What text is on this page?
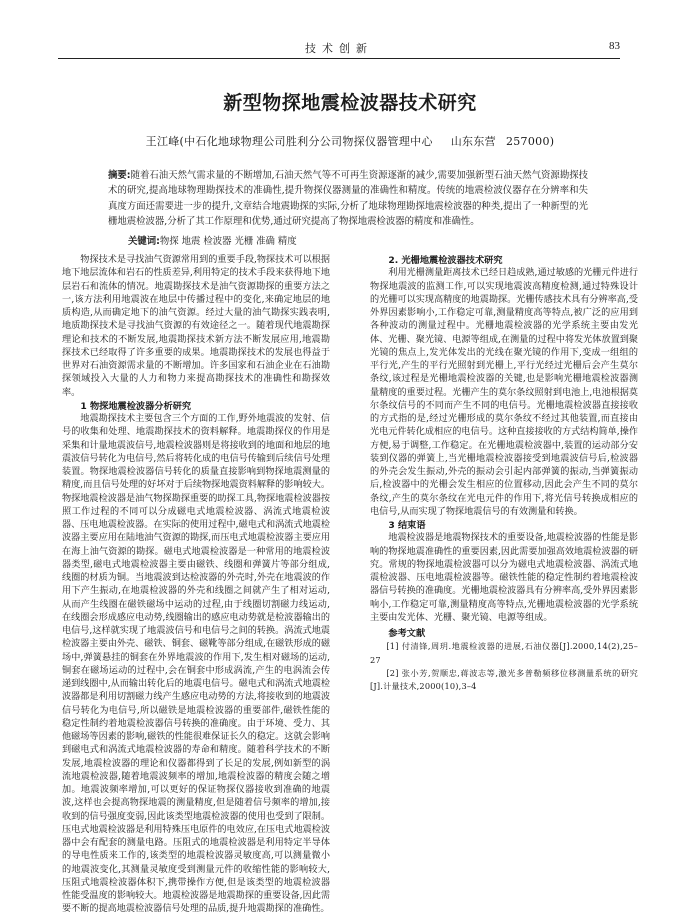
技术创新	83
新型物探地震检波器技术研究
王江峰(中石化地球物理公司胜利分公司物探仪器管理中心 山东东营 257000)
摘要:随着石油天然气需求量的不断增加,石油天然气等不可再生资源逐渐的减少,需要加强新型石油天然气资源勘探技术的研究,提高地球物理勘探技术的准确性,提升物探仪器测量的准确性和精度。传统的地震检波仪器存在分辨率和失真度方面还需要进一步的提升,文章结合地震勘探的实际,分析了地球物理勘探地震检波器的种类,提出了一种新型的光栅地震检波器,分析了其工作原理和优势,通过研究提高了物探地震检波器的精度和准确性。
关键词:物探 地震 检波器 光栅 准确 精度

物探技术是寻找油气资源常用到的重要手段,物探技术可以根据地下地层流体和岩石的性质差异,利用特定的技术手段来获得地下地层岩石和流体的情况。地震勘探技术是油气资源勘探的重要方法之一,该方法利用地震波在地层中传播过程中的变化,来确定地层的地质构造,从而确定地下的油气资源。经过大量的油气勘探实践表明,地质勘探技术是寻找油气资源的有效途径之一。随着现代地震勘探理论和技术的不断发展,地震勘探技术新方法不断发展应用,地震勘探技术已经取得了许多重要的成果。地震勘探技术的发展也得益于世界对石油资源需求量的不断增加。许多国家和石油企业在石油勘探领域投入大量的人力和物力来提高勘探技术的准确性和勘探效率。

1 物探地震检波器分析研究

地震勘探技术主要包含三个方面的工作,野外地震波的发射、信号的收集和处理、地震勘探技术的资料解释。地震勘探仪的作用是采集和计量地震波信号,地震检波器则是将接收到的地面和地层的地震波信号转化为电信号,然后将转化成的电信号传输到后续信号处理装置。物探地震检波器信号转化的质量直接影响到物探地震测量的精度,而且信号处理的好坏对于后续物探地震资料解释的影响较大。物探地震检波器是油气物探勘探重要的助探工具,物探地震检波器按照工作过程的不同可以分成磁电式地震检波器、涡流式地震检波器、压电地震检波器。在实际的使用过程中,磁电式和涡流式地震检波器主要应用在陆地油气资源的勘探,而压电式地震检波器主要应用在海上油气资源的勘探。磁电式地震检波器是一种常用的地震检波器类型,磁电式地震检波器主要由磁铁、线圈和弹簧片等部分组成,线圈的材质为铜。当地震波到达检波器的外壳时,外壳在地震波的作用下产生振动,在地震检波器的外壳和线圈之间就产生了相对运动,从而产生线圈在磁铁磁场中运动的过程,由于线圈切割磁力线运动,在线圈会形成感应电动势,线圈输出的感应电动势就是检波器输出的电信号,这样就实现了地震波信号和电信号之间的转换。涡流式地震检波器主要由外壳、磁铁、铜套、磁靴等部分组成,在磁铁形成的磁场中,弹簧悬挂的铜套在外界地震波的作用下,发生相对磁场的运动,铜套在磁场运动的过程中,会在铜套中形成涡流,产生的电涡流会传递到线圈中,从而输出转化后的地震电信号。磁电式和涡流式地震检波器都是利用切割磁力线产生感应电动势的方法,将接收到的地震波信号转化为电信号,所以磁铁是地震检波器的重要部件,磁铁性能的稳定性制约着地震检波器信号转换的准确度。由于环境、受力、其他磁场等因素的影响,磁铁的性能很难保证长久的稳定。这就会影响到磁电式和涡流式地震检波器的寿命和精度。随着科学技术的不断发展,地震检波器的理论和仪器都得到了长足的发展,例如新型的涡流地震检波器,随着地震波频率的增加,地震检波器的精度会随之增加。地震波频率增加,可以更好的保证物探仪器接收到准确的地震波,这样也会提高物探地震的测量精度,但是随着信号频率的增加,接收到的信号强度变弱,因此该类型地震检波器的使用也受到了限制。压电式地震检波器是利用特殊压电原件的电效应,在压电式地震检波器中会有配套的测量电路。压阻式的地震检波器是利用特定半导体的导电性质来工作的,该类型的地震检波器灵敏度高,可以测量微小的地震波变化,其测量灵敏度受到测量元件的收缩性能的影响较大,压阻式地震检波器体积下,携带操作方便,但是该类型的地震检波器性能受温度的影响较大。地震检波器是地震勘探的重要设备,因此需要不断的提高地震检波器信号处理的品质,提升地震勘探的准确性。

2. 光栅地震检波器技术研究

利用光栅测量距离技术已经日趋成熟,通过敏感的光栅元件进行物探地震波的监测工作,可以实现地震波高精度检测,通过特殊设计的光栅可以实现高精度的地震勘探。光栅传感技术具有分辨率高,受外界因素影响小,工作稳定可靠,测量精度高等特点,被广泛的应用到各种波动的测量过程中。光栅地震检波器的光学系统主要由发光体、光栅、聚光镜、电源等组成,在测量的过程中将发光体放置到聚光镜的焦点上,发光体发出的光线在聚光镜的作用下,变成一组组的平行光,产生的平行光照射到光栅上,平行光经过光栅后会产生莫尔条纹,该过程是光栅地震检波器的关键,也是影响光栅地震检波器测量精度的重要过程。光栅产生的莫尔条纹照射到电池上,电池根据莫尔条纹信号的不同而产生不同的电信号。光栅地震检波器直接接收的方式指的是,经过光栅形成的莫尔条纹不经过其他装置,而直接由光电元件转化成相应的电信号。这种直接接收的方式结构简单,操作方便,易于调整,工作稳定。在光栅地震检波器中,装置的运动部分安装到仪器的弹簧上,当光栅地震检波器接受到地震波信号后,检波器的外壳会发生振动,外壳的振动会引起内部弹簧的振动,当弹簧振动后,检波器中的光栅会发生相应的位置移动,因此会产生不同的莫尔条纹,产生的莫尔条纹在光电元件的作用下,将光信号转换成相应的电信号,从而实现了物探地震信号的有效测量和转换。

3 结束语

地震检波器是地震物探技术的重要设备,地震检波器的性能是影响的物探地震准确性的重要因素,因此需要加强高效地震检波器的研究。常规的物探地震检波器可以分为磁电式地震检波器、涡流式地震检波器、压电地震检波器等。磁铁性能的稳定性制约着地震检波器信号转换的准确度。光栅地震检波器具有分辨率高,受外界因素影响小,工作稳定可靠,测量精度高等特点,光栅地震检波器的光学系统主要由发光体、光栅、聚光镜、电源等组成。

参考文献

[1] 付清锋,周玥.地震检波器的进展,石油仪器[J].2000,14(2),25–27

[2] 张小芳,贺顺忠,蒋波志等,激光多普勒频移位移测量系统的研究[J].计量技术,2000(10),3–4
